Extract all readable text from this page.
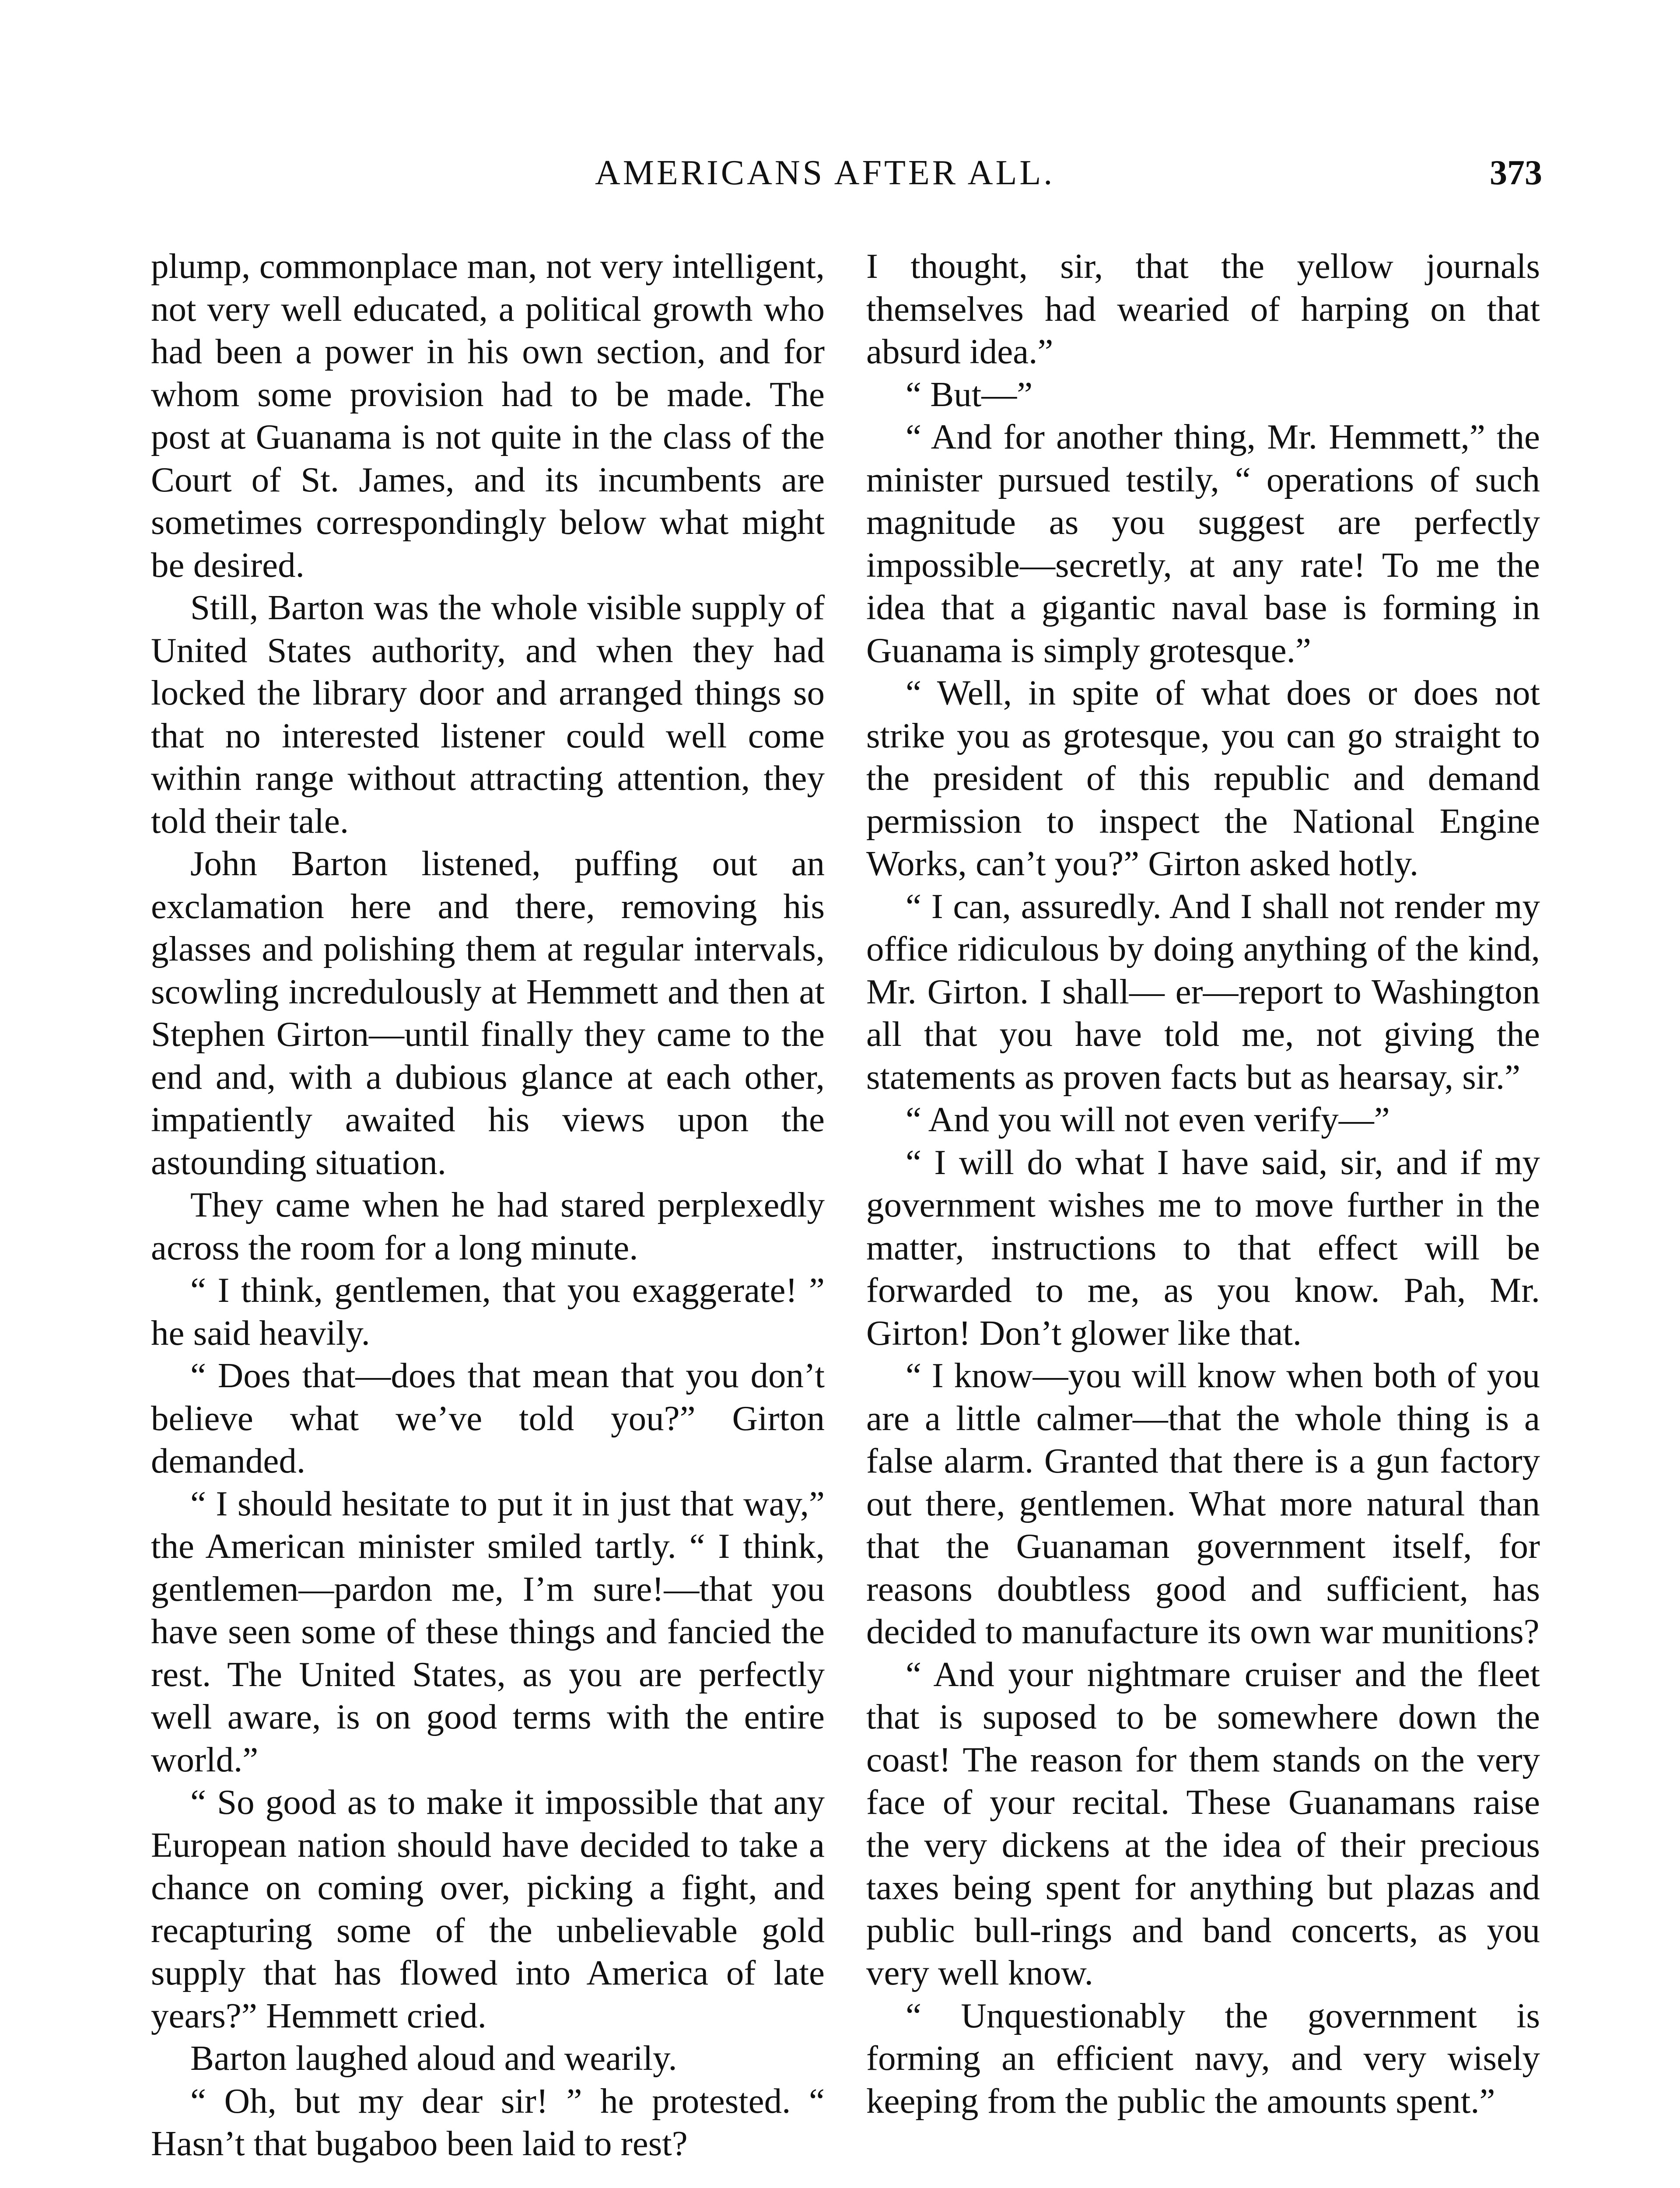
AMERICANS AFTER ALL.	373

plump, commonplace man, not very intelligent, not very well educated, a political growth who had been a power in his own section, and for whom some provision had to be made. The post at Guanama is not quite in the class of the Court of St. James, and its incumbents are sometimes correspondingly below what might be desired.

Still, Barton was the whole visible supply of United States authority, and when they had locked the library door and arranged things so that no interested listener could well come within range without attracting attention, they told their tale.

John Barton listened, puffing out an exclamation here and there, removing his glasses and polishing them at regular intervals, scowling incredulously at Hemmett and then at Stephen Girton—until finally they came to the end and, with a dubious glance at each other, impatiently awaited his views upon the astounding situation.

They came when he had stared perplexedly across the room for a long minute.

“ I think, gentlemen, that you exaggerate! ” he said heavily.

“ Does that—does that mean that you don’t believe what we’ve told you?” Girton demanded.

“ I should hesitate to put it in just that way,” the American minister smiled tartly. “ I think, gentlemen—pardon me, I’m sure!—that you have seen some of these things and fancied the rest. The United States, as you are perfectly well aware, is on good terms with the entire world.”

“ So good as to make it impossible that any European nation should have decided to take a chance on coming over, picking a fight, and recapturing some of the unbelievable gold supply that has flowed into America of late years?” Hemmett cried.

Barton laughed aloud and wearily.

“ Oh, but my dear sir! ” he protested. “ Hasn’t that bugaboo been laid to rest?

I thought, sir, that the yellow journals themselves had wearied of harping on that absurd idea.”

“ But—”

“ And for another thing, Mr. Hemmett,” the minister pursued testily, “ operations of such magnitude as you suggest are perfectly impossible—secretly, at any rate! To me the idea that a gigantic naval base is forming in Guanama is simply grotesque.”

“ Well, in spite of what does or does not strike you as grotesque, you can go straight to the president of this republic and demand permission to inspect the National Engine Works, can’t you?” Girton asked hotly.

“ I can, assuredly. And I shall not render my office ridiculous by doing anything of the kind, Mr. Girton. I shall— er—report to Washington all that you have told me, not giving the statements as proven facts but as hearsay, sir.”

“ And you will not even verify—”

“ I will do what I have said, sir, and if my government wishes me to move further in the matter, instructions to that effect will be forwarded to me, as you know. Pah, Mr. Girton! Don’t glower like that.

“ I know—you will know when both of you are a little calmer—that the whole thing is a false alarm. Granted that there is a gun factory out there, gentlemen. What more natural than that the Guanaman government itself, for reasons doubtless good and sufficient, has decided to manufacture its own war munitions?

“ And your nightmare cruiser and the fleet that is suposed to be somewhere down the coast! The reason for them stands on the very face of your recital. These Guanamans raise the very dickens at the idea of their precious taxes being spent for anything but plazas and public bull-rings and band concerts, as you very well know.

“ Unquestionably the government is forming an efficient navy, and very wisely keeping from the public the amounts spent.”
